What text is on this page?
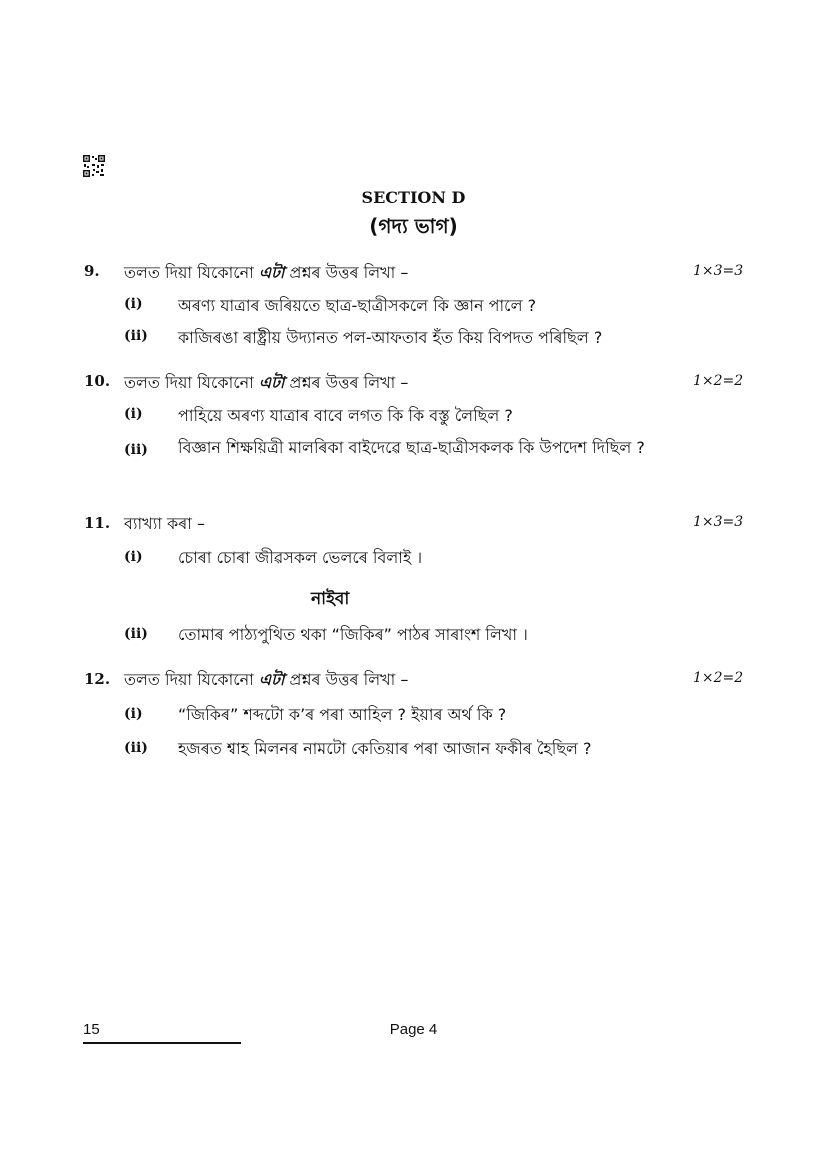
SECTION D
(গদ্য ভাগ)
9. তলত দিয়া যিকোনো এটা প্ৰশ্নৰ উত্তৰ লিখা –	1×3=3
(i) অৰণ্য যাত্ৰাৰ জৰিয়তে ছাত্ৰ-ছাত্ৰীসকলে কি জ্ঞান পালে ?
(ii) কাজিৰঙা ৰাষ্ট্ৰীয় উদ্যানত পল-আফতাব হঁত কিয় বিপদত পৰিছিল ?
10. তলত দিয়া যিকোনো এটা প্ৰশ্নৰ উত্তৰ লিখা –	1×2=2
(i) পাহিয়ে অৰণ্য যাত্ৰাৰ বাবে লগত কি কি বস্তু লৈছিল ?
(ii) বিজ্ঞান শিক্ষয়িত্ৰী মালৰিকা বাইদেৱে ছাত্ৰ-ছাত্ৰীসকলক কি উপদেশ দিছিল ?
11. ব্যাখ্যা কৰা –	1×3=3
(i) চোৰা চোৰা জীৱসকল ভেলৰে বিলাই ।
নাইবা
(ii) তোমাৰ পাঠ্যপুথিত থকা “জিকিৰ” পাঠৰ সাৰাংশ লিখা ।
12. তলত দিয়া যিকোনো এটা প্ৰশ্নৰ উত্তৰ লিখা –	1×2=2
(i) “জিকিৰ” শব্দটো ক’ৰ পৰা আহিল ? ইয়াৰ অৰ্থ কি ?
(ii) হজৰত শ্বাহ মিলনৰ নামটো কেতিয়াৰ পৰা আজান ফকীৰ হৈছিল ?
15	Page 4
